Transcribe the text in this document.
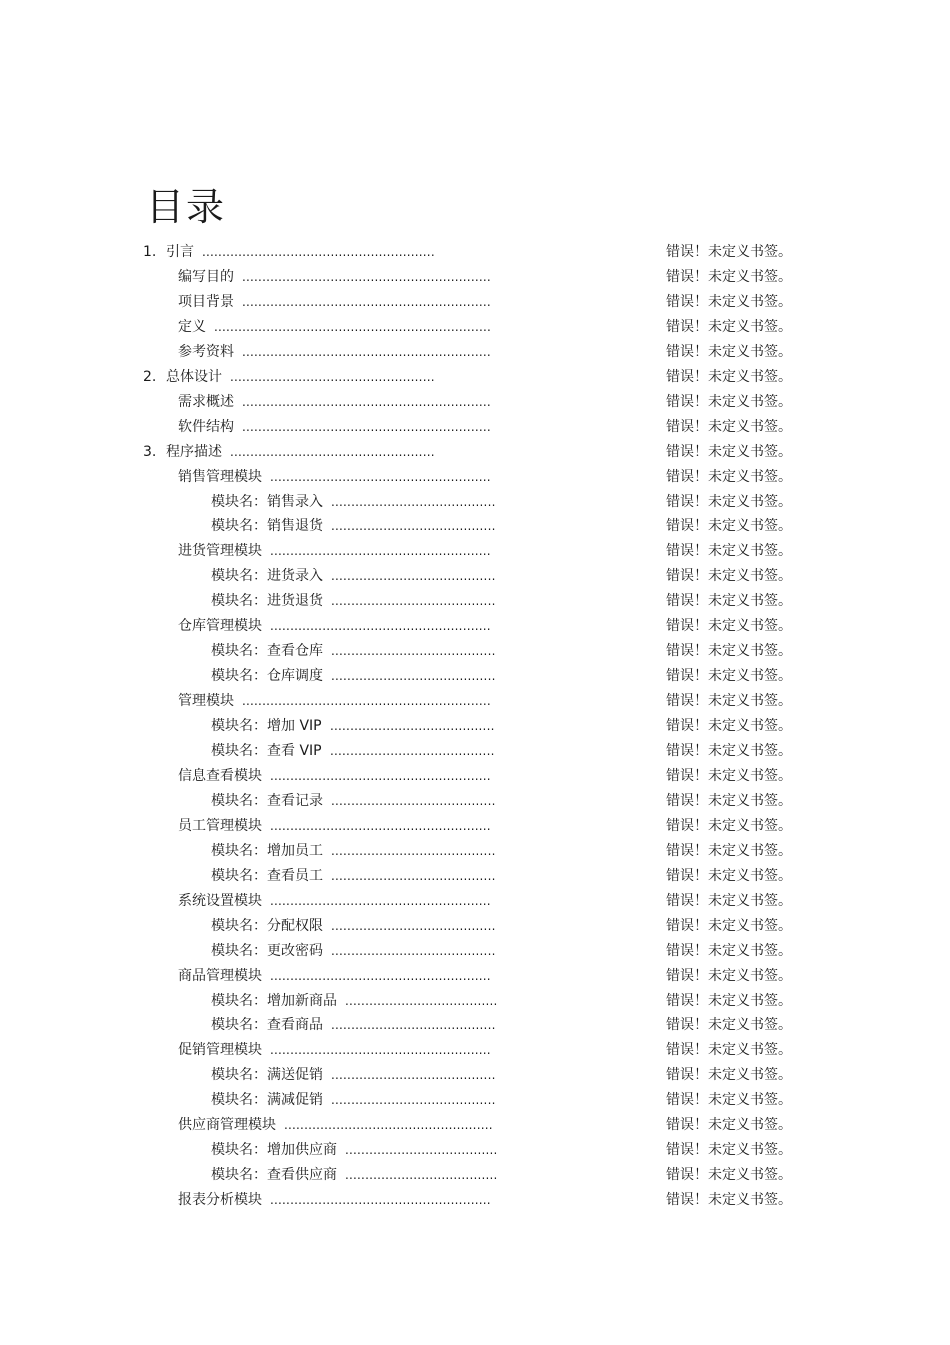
目录
1. 引言 ..........................................................	错误！未定义书签。
编写目的 ..............................................................	错误！未定义书签。
项目背景 ..............................................................	错误！未定义书签。
定义 .....................................................................	错误！未定义书签。
参考资料 ..............................................................	错误！未定义书签。
2. 总体设计 ...................................................	错误！未定义书签。
需求概述 ..............................................................	错误！未定义书签。
软件结构 ..............................................................	错误！未定义书签。
3. 程序描述 ...................................................	错误！未定义书签。
销售管理模块 .......................................................	错误！未定义书签。
模块名：销售录入 .........................................	错误！未定义书签。
模块名：销售退货 .........................................	错误！未定义书签。
进货管理模块 .......................................................	错误！未定义书签。
模块名：进货录入 .........................................	错误！未定义书签。
模块名：进货退货 .........................................	错误！未定义书签。
仓库管理模块 .......................................................	错误！未定义书签。
模块名：查看仓库 .........................................	错误！未定义书签。
模块名：仓库调度 .........................................	错误！未定义书签。
管理模块 ..............................................................	错误！未定义书签。
模块名：增加 VIP .........................................	错误！未定义书签。
模块名：查看 VIP .........................................	错误！未定义书签。
信息查看模块 .......................................................	错误！未定义书签。
模块名：查看记录 .........................................	错误！未定义书签。
员工管理模块 .......................................................	错误！未定义书签。
模块名：增加员工 .........................................	错误！未定义书签。
模块名：查看员工 .........................................	错误！未定义书签。
系统设置模块 .......................................................	错误！未定义书签。
模块名：分配权限 .........................................	错误！未定义书签。
模块名：更改密码 .........................................	错误！未定义书签。
商品管理模块 .......................................................	错误！未定义书签。
模块名：增加新商品 ......................................	错误！未定义书签。
模块名：查看商品 .........................................	错误！未定义书签。
促销管理模块 .......................................................	错误！未定义书签。
模块名：满送促销 .........................................	错误！未定义书签。
模块名：满减促销 .........................................	错误！未定义书签。
供应商管理模块 ....................................................	错误！未定义书签。
模块名：增加供应商 ......................................	错误！未定义书签。
模块名：查看供应商 ......................................	错误！未定义书签。
报表分析模块 .......................................................	错误！未定义书签。
